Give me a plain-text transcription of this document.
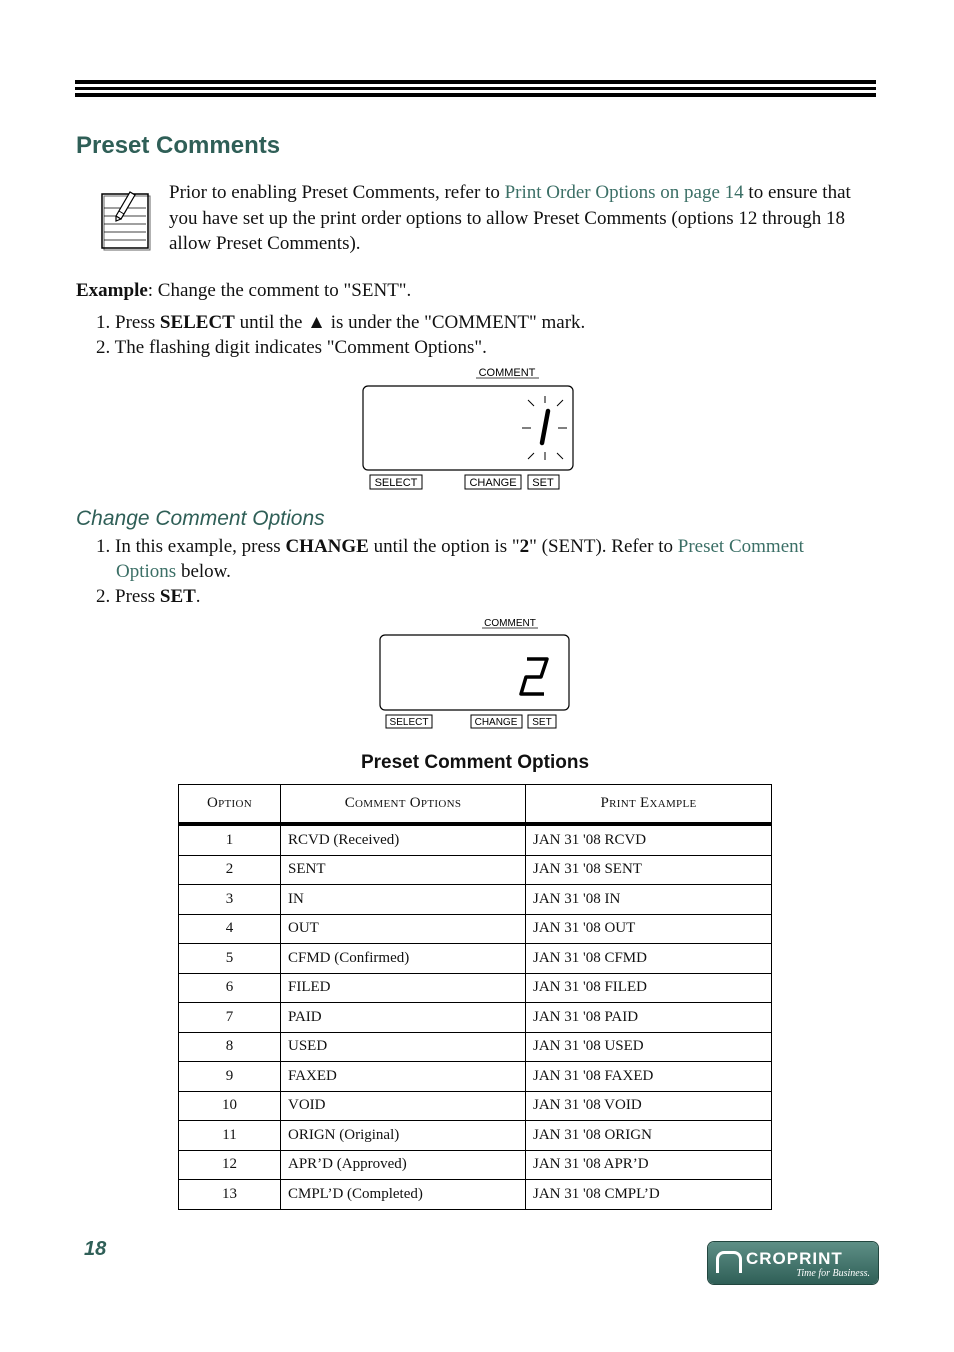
Preset Comments
Prior to enabling Preset Comments, refer to Print Order Options on page 14 to ensure that you have set up the print order options to allow Preset Comments (options 12 through 18 allow Preset Comments).
Example: Change the comment to "SENT".
1. Press SELECT until the ▲ is under the "COMMENT" mark.
2. The flashing digit indicates "Comment Options".
COMMENT
SELECT	CHANGE SET
Change Comment Options
1. In this example, press CHANGE until the option is "2" (SENT). Refer to Preset Comment
Options below.
2. Press SET.
COMMENT
SELECT	CHANGE SET
Preset Comment Options
Option	Comment Options	Print Example
1	RCVD (Received)	JAN 31 '08 RCVD
2	SENT	JAN 31 '08 SENT
3	IN	JAN 31 '08 IN
4	OUT	JAN 31 '08 OUT
5	CFMD (Confirmed)	JAN 31 '08 CFMD
6	FILED	JAN 31 '08 FILED
7	PAID	JAN 31 '08 PAID
8	USED	JAN 31 '08 USED
9	FAXED	JAN 31 '08 FAXED
10	VOID	JAN 31 '08 VOID
11	ORIGN (Original)	JAN 31 '08 ORIGN
12	APR’D (Approved)	JAN 31 '08 APR’D
13	CMPL’D (Completed)	JAN 31 '08 CMPL’D
18	CROPRINT
Time for Business.
